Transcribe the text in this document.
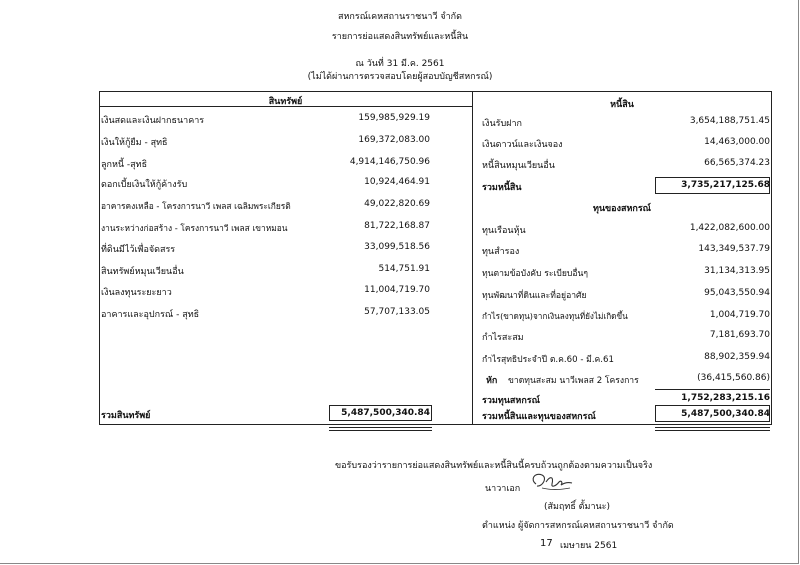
สหกรณ์เคหสถานราชนาวี จำกัด
รายการย่อแสดงสินทรัพย์และหนี้สิน
ณ วันที่ 31 มี.ค. 2561
(ไม่ได้ผ่านการตรวจสอบโดยผู้สอบบัญชีสหกรณ์)
สินทรัพย์	หนี้สิน
เงินสดและเงินฝากธนาคาร	159,985,929.19
เงินให้กู้ยืม - สุทธิ	169,372,083.00
ลูกหนี้ -สุทธิ	4,914,146,750.96
ดอกเบี้ยเงินให้กู้ค้างรับ	10,924,464.91
อาคารคงเหลือ - โครงการนาวี เพลส เฉลิมพระเกียรติ	49,022,820.69
งานระหว่างก่อสร้าง - โครงการนาวี เพลส เขาหมอน	81,722,168.87
ที่ดินมีไว้เพื่อจัดสรร	33,099,518.56
สินทรัพย์หมุนเวียนอื่น	514,751.91
เงินลงทุนระยะยาว	11,004,719.70
อาคารและอุปกรณ์ - สุทธิ	57,707,133.05
รวมสินทรัพย์	5,487,500,340.84
เงินรับฝาก	3,654,188,751.45
เงินดาวน์และเงินจอง	14,463,000.00
หนี้สินหมุนเวียนอื่น	66,565,374.23
รวมหนี้สิน	3,735,217,125.68
ทุนของสหกรณ์
ทุนเรือนหุ้น	1,422,082,600.00
ทุนสำรอง	143,349,537.79
ทุนตามข้อบังคับ ระเบียบอื่นๆ	31,134,313.95
ทุนพัฒนาที่ดินและที่อยู่อาศัย	95,043,550.94
กำไร(ขาดทุน)จากเงินลงทุนที่ยังไม่เกิดขึ้น	1,004,719.70
กำไรสะสม	7,181,693.70
กำไรสุทธิประจำปี ต.ค.60 - มี.ค.61	88,902,359.94
หัก ขาดทุนสะสม นาวีเพลส 2 โครงการ	(36,415,560.86)
รวมทุนสหกรณ์	1,752,283,215.16
รวมหนี้สินและทุนของสหกรณ์	5,487,500,340.84
ขอรับรองว่ารายการย่อแสดงสินทรัพย์และหนี้สินนี้ครบถ้วนถูกต้องตามความเป็นจริง
นาวาเอก
(สัมฤทธิ์ ตั้มานะ)
ตำแหน่ง ผู้จัดการสหกรณ์เคหสถานราชนาวี จำกัด
17 เมษายน 2561
